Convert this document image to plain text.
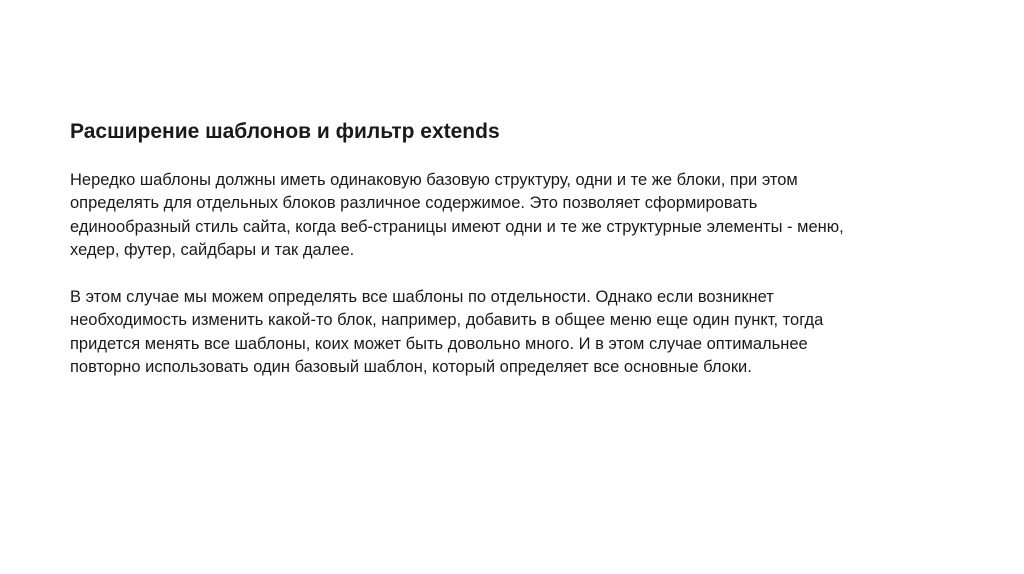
Расширение шаблонов и фильтр extends

Нередко шаблоны должны иметь одинаковую базовую структуру, одни и те же блоки, при этом
определять для отдельных блоков различное содержимое. Это позволяет сформировать
единообразный стиль сайта, когда веб-страницы имеют одни и те же структурные элементы - меню,
хедер, футер, сайдбары и так далее.

В этом случае мы можем определять все шаблоны по отдельности. Однако если возникнет
необходимость изменить какой-то блок, например, добавить в общее меню еще один пункт, тогда
придется менять все шаблоны, коих может быть довольно много. И в этом случае оптимальнее
повторно использовать один базовый шаблон, который определяет все основные блоки.
